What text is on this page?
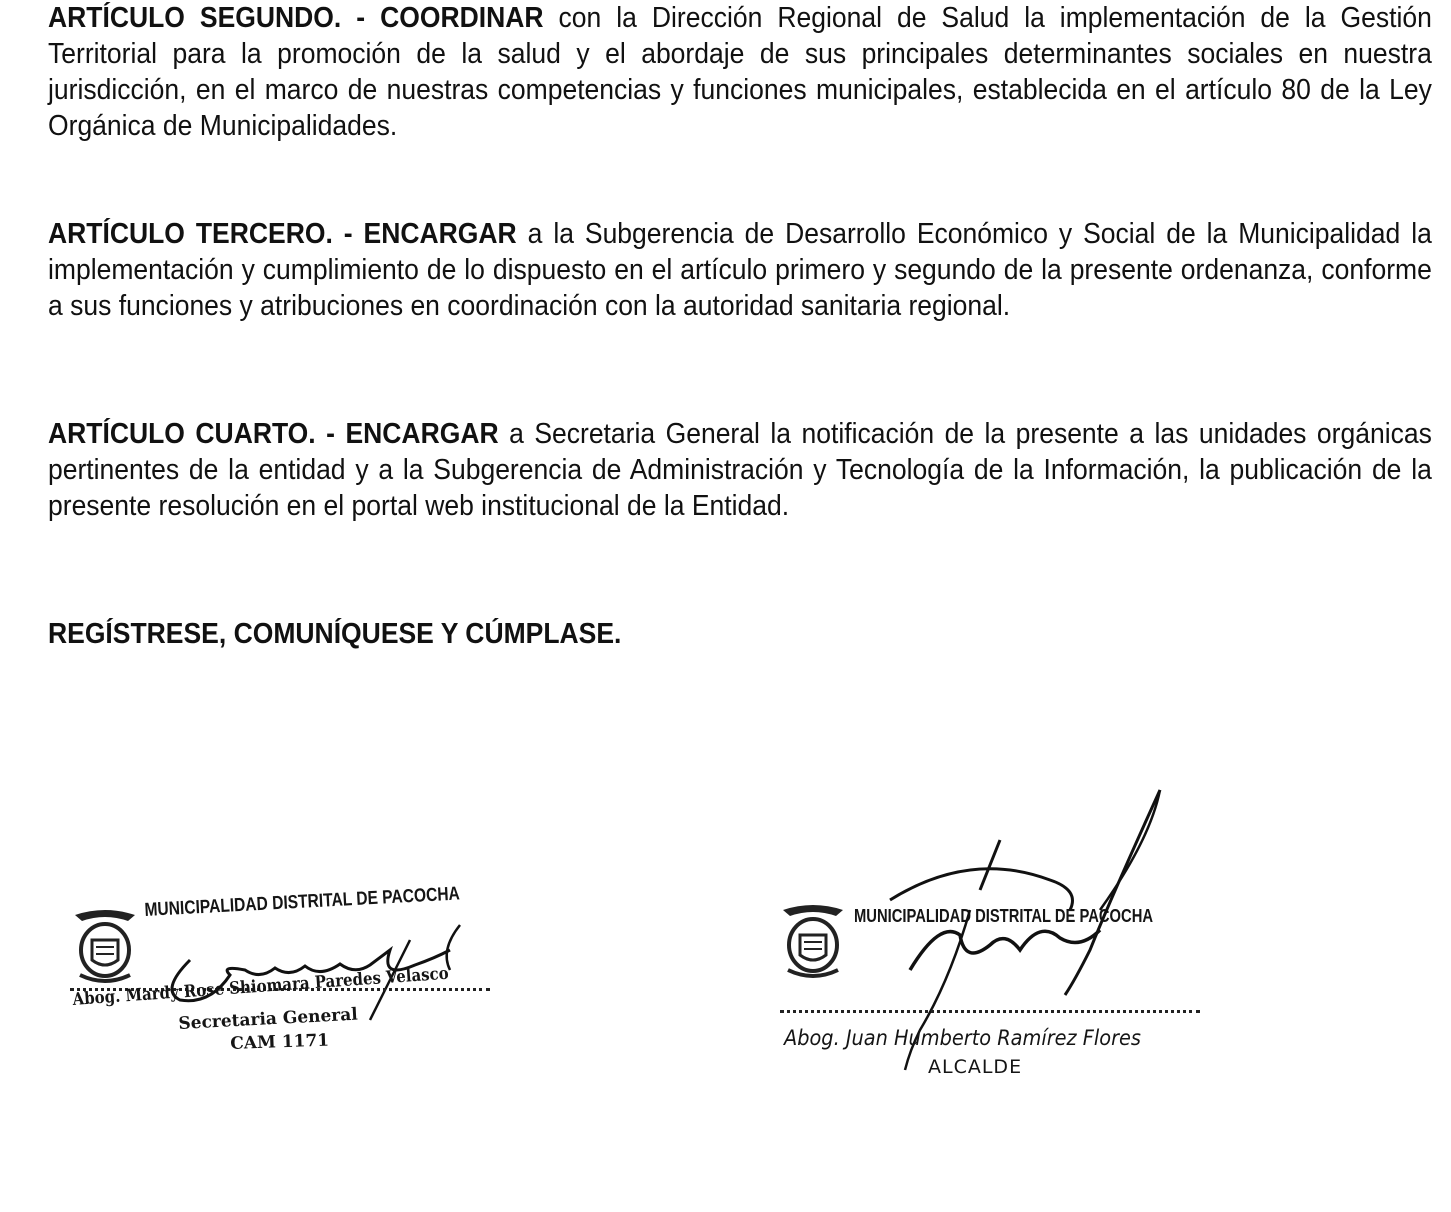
ARTÍCULO SEGUNDO. - COORDINAR con la Dirección Regional de Salud la implementación de la Gestión Territorial para la promoción de la salud y el abordaje de sus principales determinantes sociales en nuestra jurisdicción, en el marco de nuestras competencias y funciones municipales, establecida en el artículo 80 de la Ley Orgánica de Municipalidades.

ARTÍCULO TERCERO. - ENCARGAR a la Subgerencia de Desarrollo Económico y Social de la Municipalidad la implementación y cumplimiento de lo dispuesto en el artículo primero y segundo de la presente ordenanza, conforme a sus funciones y atribuciones en coordinación con la autoridad sanitaria regional.

ARTÍCULO CUARTO. - ENCARGAR a Secretaria General la notificación de la presente a las unidades orgánicas pertinentes de la entidad y a la Subgerencia de Administración y Tecnología de la Información, la publicación de la presente resolución en el portal web institucional de la Entidad.

REGÍSTRESE, COMUNÍQUESE Y CÚMPLASE.

MUNICIPALIDAD DISTRITAL DE PACOCHA
Abog. Mardy Rose Shiomara Paredes Velasco
Secretaria General
CAM 1171
MUNICIPALIDAD DISTRITAL DE PACOCHA
Abog. Juan Humberto Ramírez Flores
ALCALDE
